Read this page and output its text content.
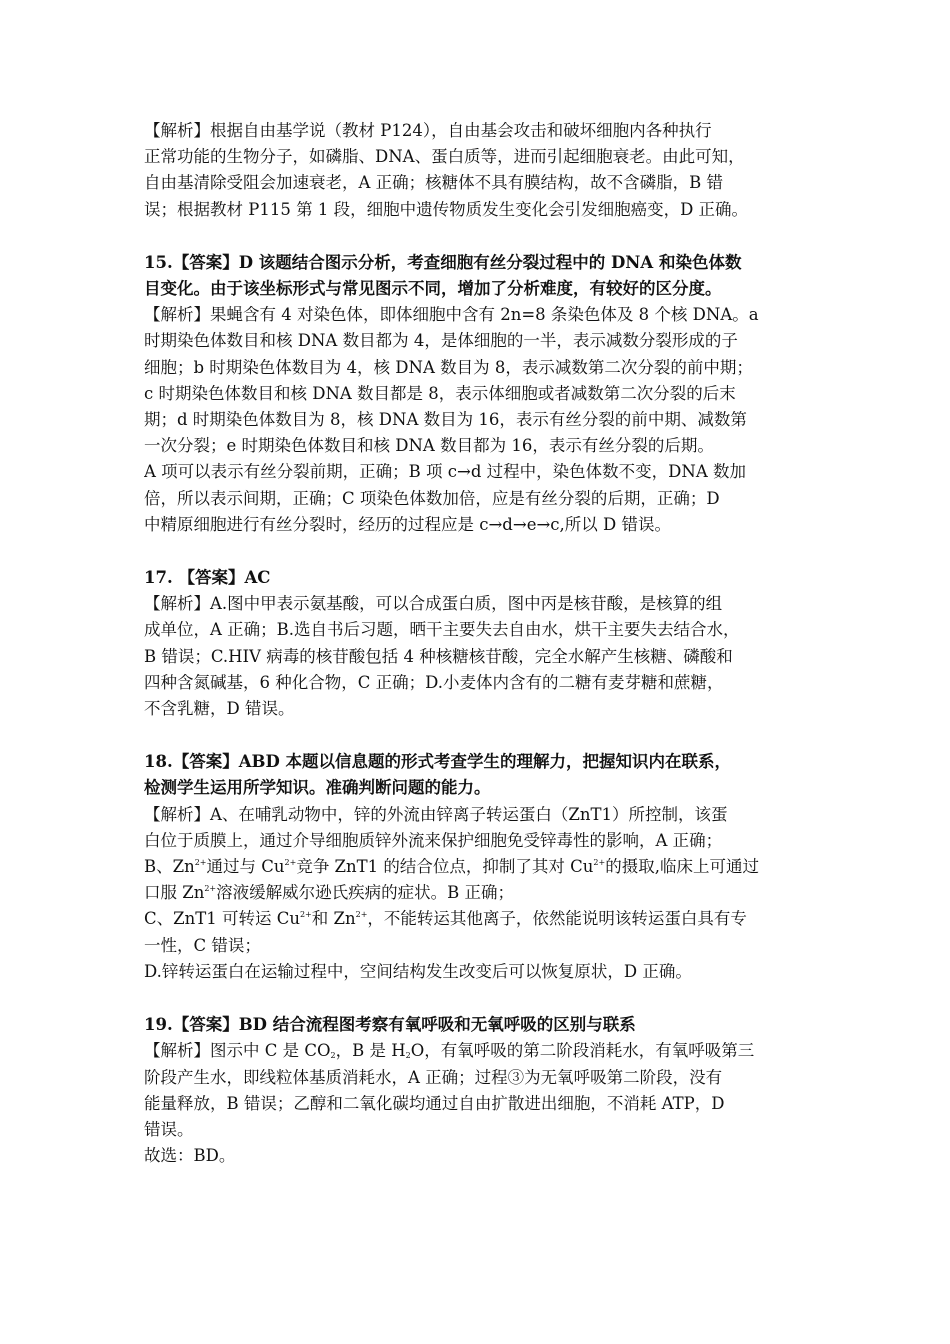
【解析】根据自由基学说（教材 P124），自由基会攻击和破坏细胞内各种执行
正常功能的生物分子，如磷脂、DNA、蛋白质等，进而引起细胞衰老。由此可知，
自由基清除受阻会加速衰老，A 正确；核糖体不具有膜结构，故不含磷脂，B 错
误；根据教材 P115 第 1 段，细胞中遗传物质发生变化会引发细胞癌变，D 正确。
15.【答案】D 该题结合图示分析，考查细胞有丝分裂过程中的 DNA 和染色体数
目变化。由于该坐标形式与常见图示不同，增加了分析难度，有较好的区分度。
【解析】果蝇含有 4 对染色体，即体细胞中含有 2n=8 条染色体及 8 个核 DNA。a
时期染色体数目和核 DNA 数目都为 4，是体细胞的一半，表示减数分裂形成的子
细胞；b 时期染色体数目为 4，核 DNA 数目为 8，表示减数第二次分裂的前中期；
c 时期染色体数目和核 DNA 数目都是 8，表示体细胞或者减数第二次分裂的后末
期；d 时期染色体数目为 8，核 DNA 数目为 16，表示有丝分裂的前中期、减数第
一次分裂；e 时期染色体数目和核 DNA 数目都为 16，表示有丝分裂的后期。
A 项可以表示有丝分裂前期，正确；B 项 c→d 过程中，染色体数不变，DNA 数加
倍，所以表示间期，正确；C 项染色体数加倍，应是有丝分裂的后期，正确；D
中精原细胞进行有丝分裂时，经历的过程应是 c→d→e→c,所以 D 错误。
17. 【答案】AC
【解析】A.图中甲表示氨基酸，可以合成蛋白质，图中丙是核苷酸，是核算的组
成单位，A 正确；B.选自书后习题，晒干主要失去自由水，烘干主要失去结合水，
B 错误；C.HIV 病毒的核苷酸包括 4 种核糖核苷酸，完全水解产生核糖、磷酸和
四种含氮碱基，6 种化合物，C 正确；D.小麦体内含有的二糖有麦芽糖和蔗糖，
不含乳糖，D 错误。
18.【答案】ABD 本题以信息题的形式考查学生的理解力，把握知识内在联系，
检测学生运用所学知识。准确判断问题的能力。
【解析】A、在哺乳动物中，锌的外流由锌离子转运蛋白（ZnT1）所控制，该蛋
白位于质膜上，通过介导细胞质锌外流来保护细胞免受锌毒性的影响，A 正确；
B、$Zn^{2+}$通过与 $Cu^{2+}$竞争 ZnT1 的结合位点，抑制了其对 $Cu^{2+}$的摄取,临床上可通过
口服 $Zn^{2+}$溶液缓解威尔逊氏疾病的症状。B 正确；
C、ZnT1 可转运 $Cu^{2+}$和 $Zn^{2+}$，不能转运其他离子，依然能说明该转运蛋白具有专
一性，C 错误；
D.锌转运蛋白在运输过程中，空间结构发生改变后可以恢复原状，D 正确。
19.【答案】BD 结合流程图考察有氧呼吸和无氧呼吸的区别与联系
【解析】图示中 C 是 $CO_2$，B 是 $H_2O$，有氧呼吸的第二阶段消耗水，有氧呼吸第三
阶段产生水，即线粒体基质消耗水，A 正确；过程③为无氧呼吸第二阶段，没有
能量释放，B 错误；乙醇和二氧化碳均通过自由扩散进出细胞，不消耗 ATP，D
错误。
故选：BD。
